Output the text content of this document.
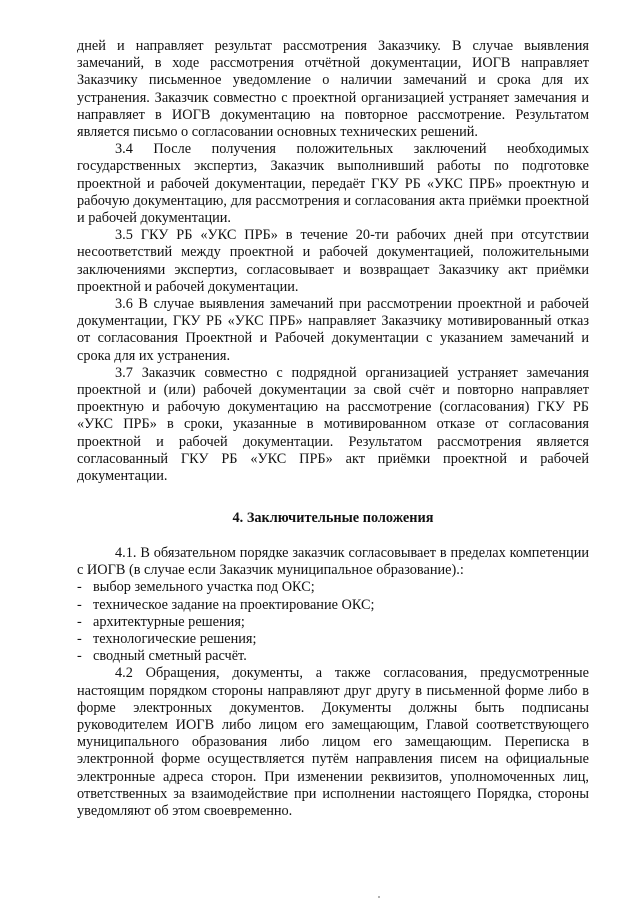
дней и направляет результат рассмотрения Заказчику. В случае выявления замечаний, в ходе рассмотрения отчётной документации, ИОГВ направляет Заказчику письменное уведомление о наличии замечаний и срока для их устранения. Заказчик совместно с проектной организацией устраняет замечания и направляет в ИОГВ документацию на повторное рассмотрение. Результатом является письмо о согласовании основных технических решений.

3.4 После получения положительных заключений необходимых государственных экспертиз, Заказчик выполнивший работы по подготовке проектной и рабочей документации, передаёт ГКУ РБ «УКС ПРБ» проектную и рабочую документацию, для рассмотрения и согласования акта приёмки проектной и рабочей документации.

3.5 ГКУ РБ «УКС ПРБ» в течение 20-ти рабочих дней при отсутствии несоответствий между проектной и рабочей документацией, положительными заключениями экспертиз, согласовывает и возвращает Заказчику акт приёмки проектной и рабочей документации.

3.6 В случае выявления замечаний при рассмотрении проектной и рабочей документации, ГКУ РБ «УКС ПРБ» направляет Заказчику мотивированный отказ от согласования Проектной и Рабочей документации с указанием замечаний и срока для их устранения.

3.7 Заказчик совместно с подрядной организацией устраняет замечания проектной и (или) рабочей документации за свой счёт и повторно направляет проектную и рабочую документацию на рассмотрение (согласования) ГКУ РБ «УКС ПРБ» в сроки, указанные в мотивированном отказе от согласования проектной и рабочей документации. Результатом рассмотрения является согласованный ГКУ РБ «УКС ПРБ» акт приёмки проектной и рабочей документации.

4. Заключительные положения

4.1. В обязательном порядке заказчик согласовывает в пределах компетенции с ИОГВ (в случае если Заказчик муниципальное образование).:

- выбор земельного участка под ОКС;
- техническое задание на проектирование ОКС;
- архитектурные решения;
- технологические решения;
- сводный сметный расчёт.

4.2 Обращения, документы, а также согласования, предусмотренные настоящим порядком стороны направляют друг другу в письменной форме либо в форме электронных документов. Документы должны быть подписаны руководителем ИОГВ либо лицом его замещающим, Главой соответствующего муниципального образования либо лицом его замещающим. Переписка в электронной форме осуществляется путём направления писем на официальные электронные адреса сторон. При изменении реквизитов, уполномоченных лиц, ответственных за взаимодействие при исполнении настоящего Порядка, стороны уведомляют об этом своевременно.
